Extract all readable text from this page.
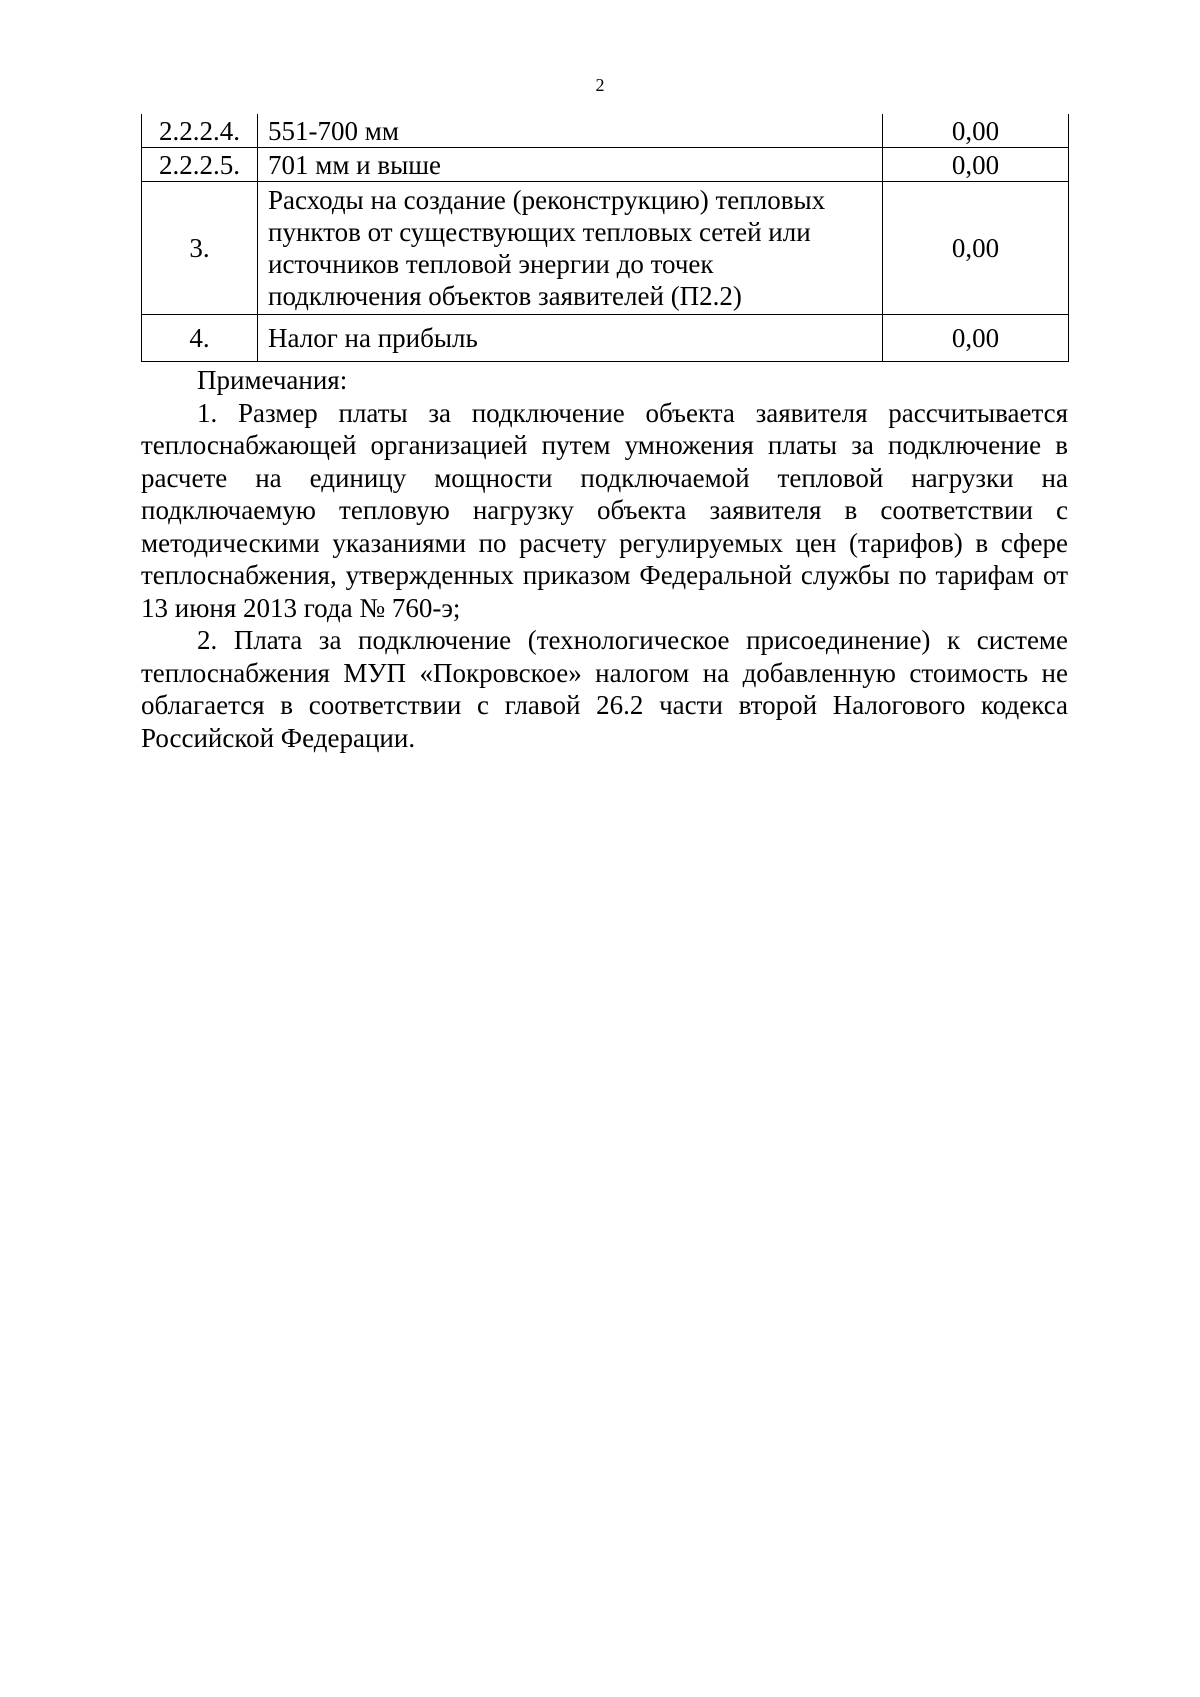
2
2.2.2.4.	551-700 мм	0,00
2.2.2.5.	701 мм и выше	0,00
3.	Расходы на создание (реконструкцию) тепловых
пунктов от существующих тепловых сетей или
источников тепловой энергии до точек
подключения объектов заявителей (П2.2)	0,00
4.	Налог на прибыль	0,00

Примечания:

1. Размер платы за подключение объекта заявителя рассчитывается теплоснабжающей организацией путем умножения платы за подключение в расчете на единицу мощности подключаемой тепловой нагрузки на подключаемую тепловую нагрузку объекта заявителя в соответствии с методическими указаниями по расчету регулируемых цен (тарифов) в сфере теплоснабжения, утвержденных приказом Федеральной службы по тарифам от 13 июня 2013 года № 760-э;

2. Плата за подключение (технологическое присоединение) к системе теплоснабжения МУП «Покровское» налогом на добавленную стоимость не облагается в соответствии с главой 26.2 части второй Налогового кодекса Российской Федерации.
